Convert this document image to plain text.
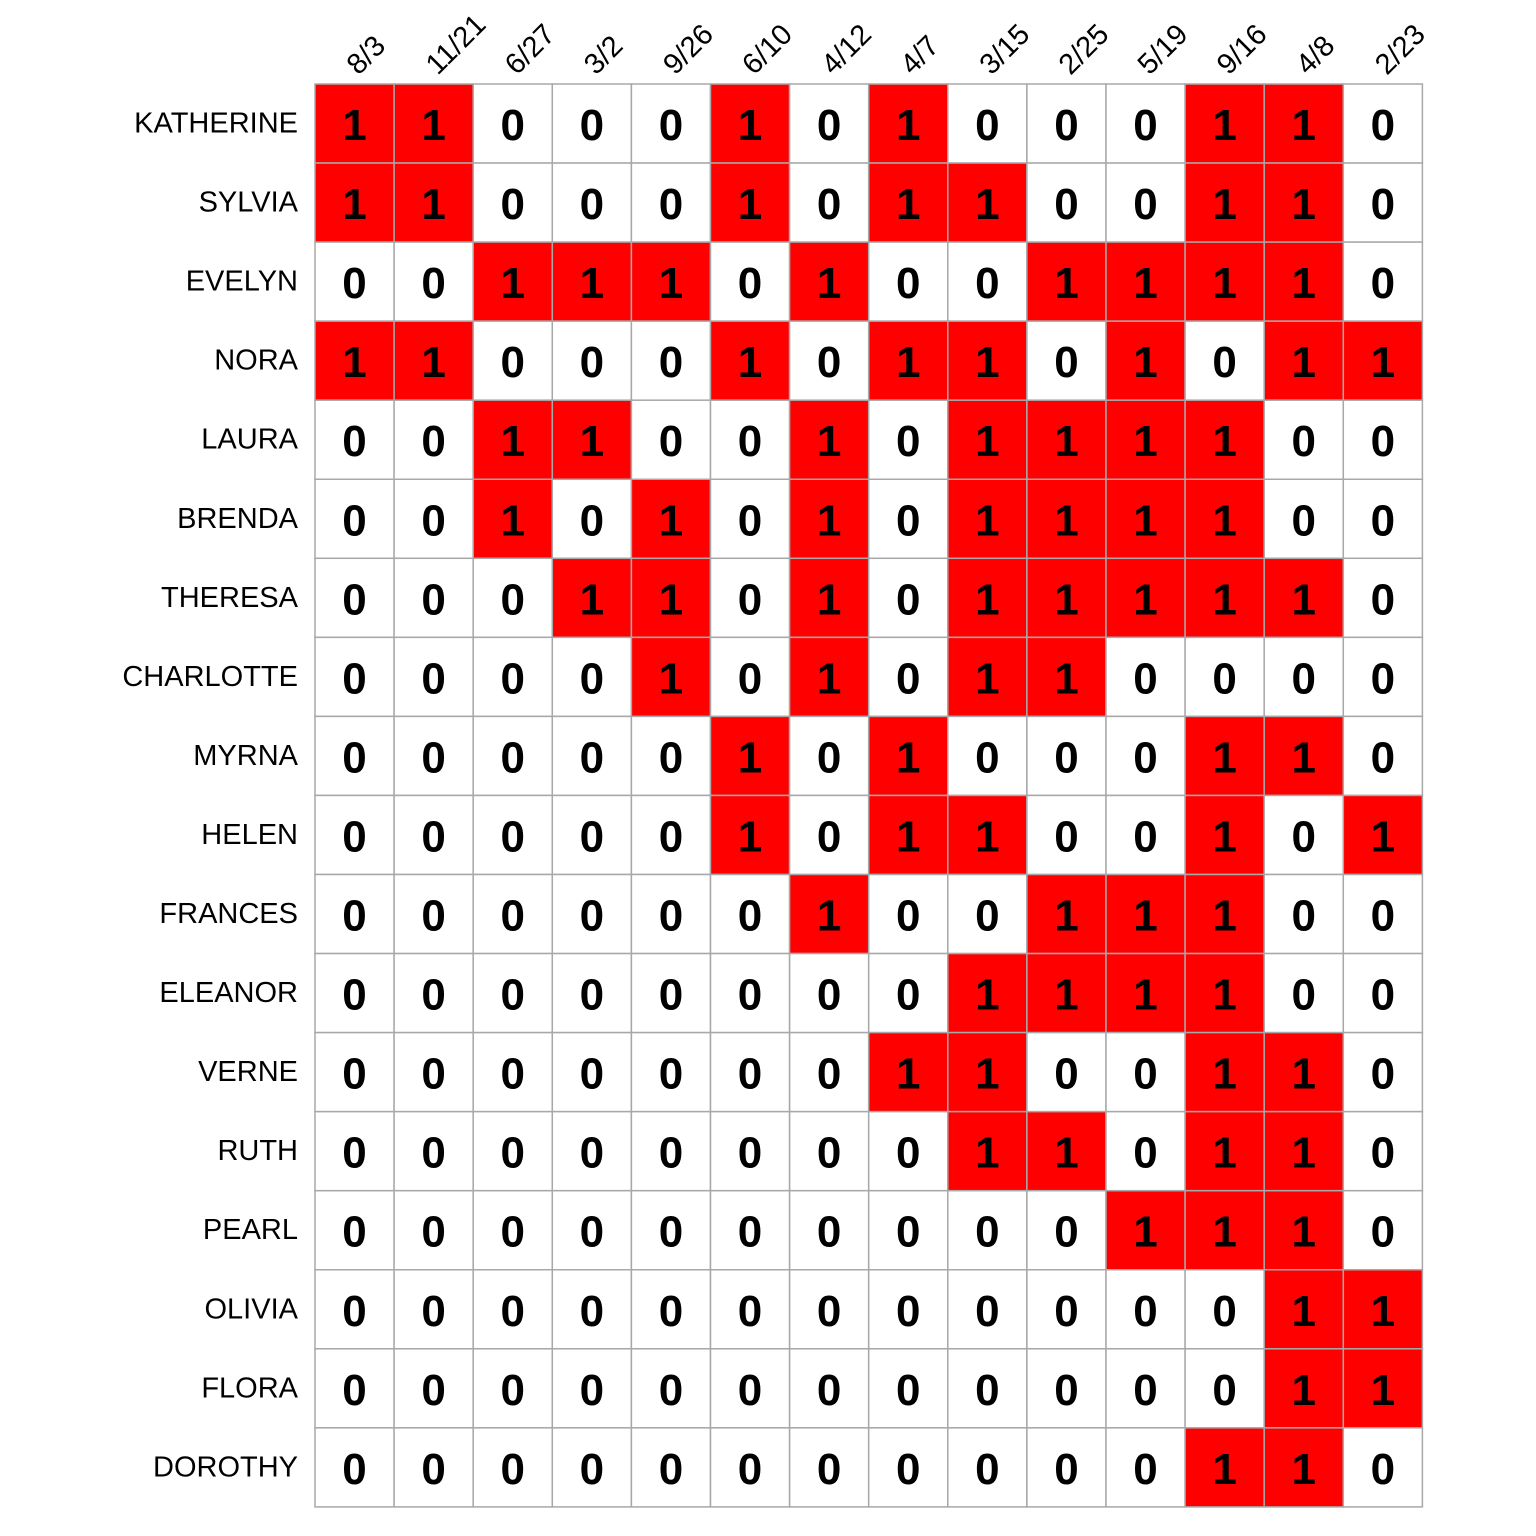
8/3 11/21 6/27 3/2 9/26 6/10 4/12 4/7 3/15 2/25 5/19 9/16 4/8 2/23
KATHERINE
SYLVIA
EVELYN
NORA
LAURA
BRENDA
THERESA
CHARLOTTE
MYRNA
HELEN
FRANCES
ELEANOR
VERNE
RUTH
PEARL
OLIVIA
FLORA
DOROTHY
1 1 0 0 0 1 0 1 0 0 0 1 1 0
1 1 0 0 0 1 0 1 1 0 0 1 1 0
0 0 1 1 1 0 1 0 0 1 1 1 1 0
1 1 0 0 0 1 0 1 1 0 1 0 1 1
0 0 1 1 0 0 1 0 1 1 1 1 0 0
0 0 1 0 1 0 1 0 1 1 1 1 0 0
0 0 0 1 1 0 1 0 1 1 1 1 1 0
0 0 0 0 1 0 1 0 1 1 0 0 0 0
0 0 0 0 0 1 0 1 0 0 0 1 1 0
0 0 0 0 0 1 0 1 1 0 0 1 0 1
0 0 0 0 0 0 1 0 0 1 1 1 0 0
0 0 0 0 0 0 0 0 1 1 1 1 0 0
0 0 0 0 0 0 0 1 1 0 0 1 1 0
0 0 0 0 0 0 0 0 1 1 0 1 1 0
0 0 0 0 0 0 0 0 0 0 1 1 1 0
0 0 0 0 0 0 0 0 0 0 0 0 1 1
0 0 0 0 0 0 0 0 0 0 0 0 1 1
0 0 0 0 0 0 0 0 0 0 0 1 1 0
